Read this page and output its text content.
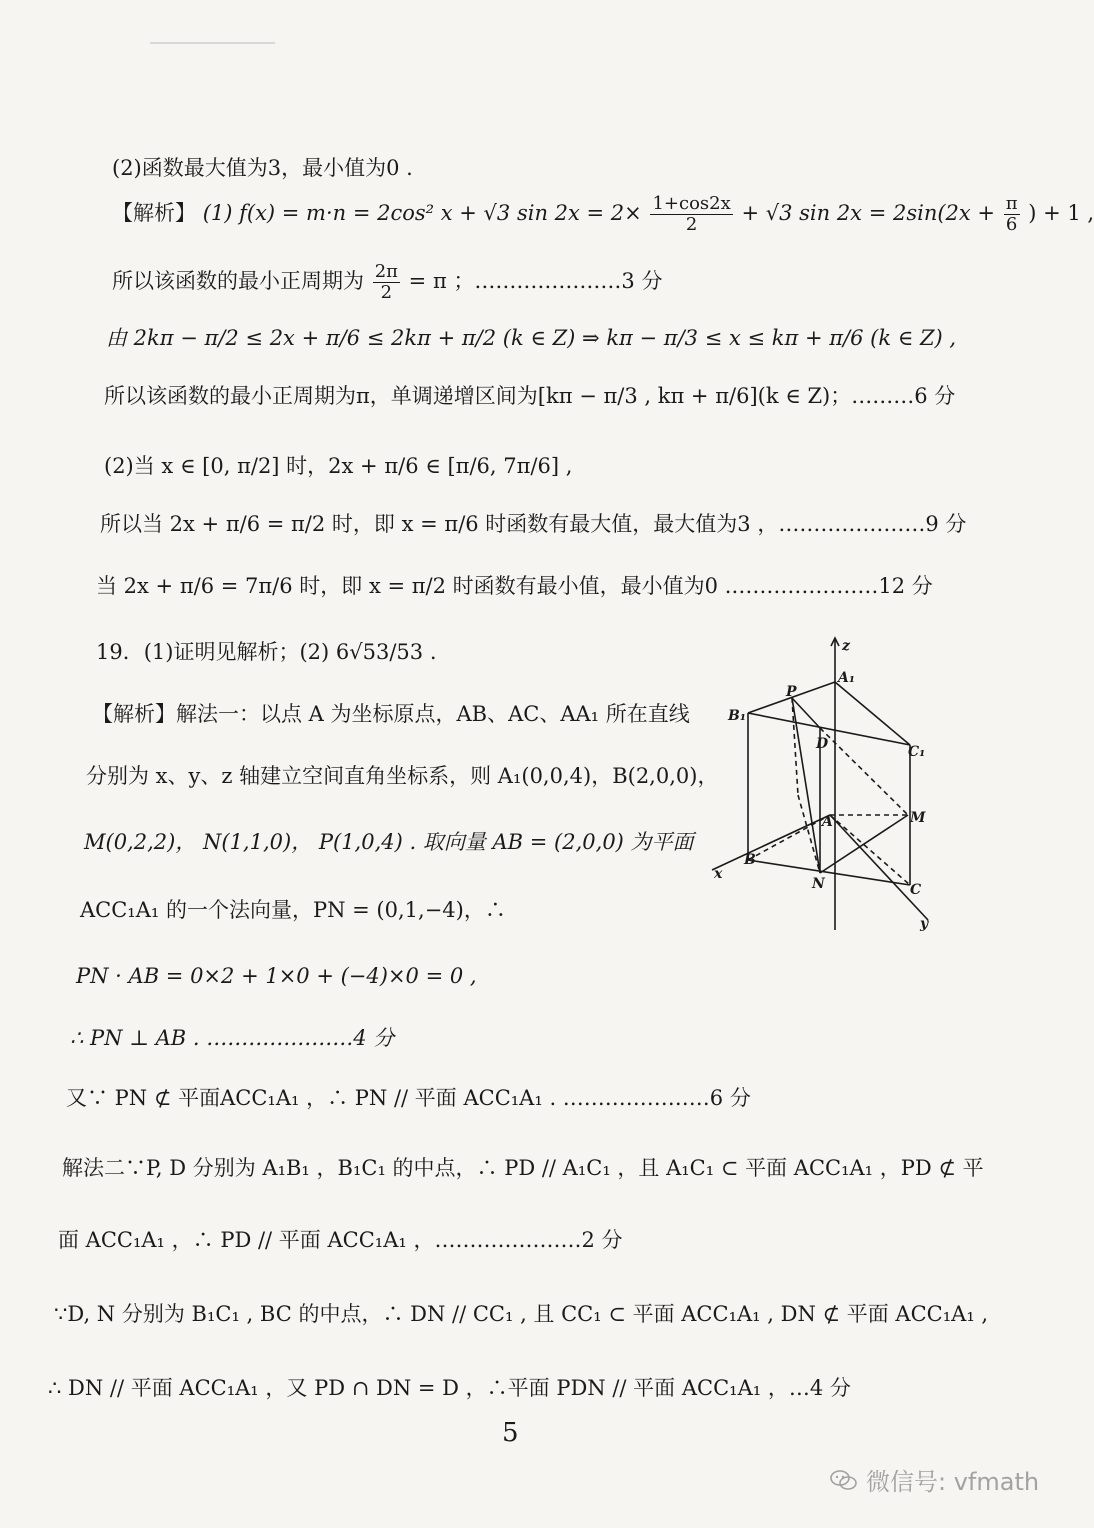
(2)函数最大值为3，最小值为0 .
【解析】 (1) f(x) = m·n = 2cos² x + √3 $\sin 2x = 2\times \frac{1+\cos 2x}{2} + √3$ $\sin 2x = 2\sin(2x + \frac{\pi}{6}$ ) + 1 ,
所以该函数的最小正周期为 $\frac{2\pi}{2} = \pi$ ；…………………3 分
由 2kπ − π/2 ≤ 2x + π/6 ≤ 2kπ + π/2 (k ∈ Z) ⇒ kπ − π/3 ≤ x ≤ kπ + π/6 (k ∈ Z) ,
所以该函数的最小正周期为π，单调递增区间为[kπ − π/3 , kπ + π/6](k ∈ Z)；………6 分
(2)当 x ∈ [0, π/2] 时，2x + π/6 ∈ [π/6, 7π/6] ,
所以当 2x + π/6 = π/2 时，即 x = π/6 时函数有最大值，最大值为3 ，…………………9 分
当 2x + π/6 = 7π/6 时，即 x = π/2 时函数有最小值，最小值为0 .…………………12 分
19．(1)证明见解析；(2) 6√53/53 .
【解析】解法一：以点 A 为坐标原点，AB、AC、AA₁ 所在直线
分别为 x、y、z 轴建立空间直角坐标系，则 A₁(0,0,4)，B(2,0,0)，
M(0,2,2)， N(1,1,0)， P(1,0,4) . 取向量 AB = (2,0,0) 为平面
ACC₁A₁ 的一个法向量，PN = (0,1,−4)，∴
PN · AB = 0×2 + 1×0 + (−4)×0 = 0 ,
∴ PN ⊥ AB . …………………4 分
又∵ PN ⊄ 平面ACC₁A₁ ，∴ PN // 平面 ACC₁A₁ . …………………6 分
解法二∵P, D 分别为 A₁B₁ ，B₁C₁ 的中点，∴ PD // A₁C₁ ，且 A₁C₁ ⊂ 平面 ACC₁A₁ ，PD ⊄ 平
面 ACC₁A₁ ，∴ PD // 平面 ACC₁A₁ ，…………………2 分
∵D, N 分别为 B₁C₁ , BC 的中点，∴ DN // CC₁ , 且 CC₁ ⊂ 平面 ACC₁A₁ , DN ⊄ 平面 ACC₁A₁ ,
∴ DN // 平面 ACC₁A₁ ，又 PD ∩ DN = D ，∴平面 PDN // 平面 ACC₁A₁ ，…4 分
z
x
y
A₁
B₁
C₁
P
D
A
B
C
M
N
5
微信号: vfmath
